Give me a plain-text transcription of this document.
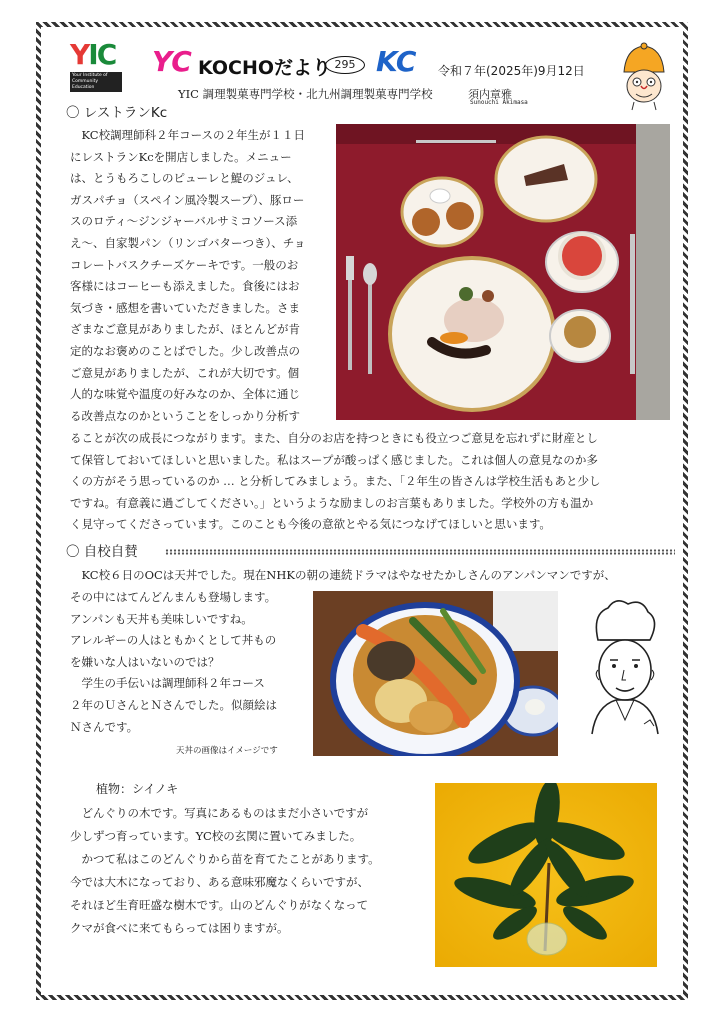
YIC
Your Institute of Community Education
YC KOCHOだより 295 KC 令和７年(2025年)9月12日
YIC 調理製菓専門学校・北九州調理製菓専門学校	須内章雅
Sunouchi Akimasa
〇 レストランKc
　KC校調理師科２年コースの２年生が１１日
にレストランKcを開店しました。メニュー
は、とうもろこしのピューレと鯷のジュレ、
ガスパチョ（スペイン風冷製スープ）、豚ロー
スのロティ～ジンジャーバルサミコソース添
え～、自家製パン（リンゴバターつき）、チョ
コレートバスクチーズケーキです。一般のお
客様にはコーヒーも添えました。食後にはお
気づき・感想を書いていただきました。さま
ざまなご意見がありましたが、ほとんどが肯
定的なお褒めのことばでした。少し改善点の
ご意見がありましたが、これが大切です。個
人的な味覚や温度の好みなのか、全体に通じ
る改善点なのかということをしっかり分析す
ることが次の成長につながります。また、自分のお店を持つときにも役立つご意見を忘れずに財産とし
て保管しておいてほしいと思いました。私はスープが酸っぱく感じました。これは個人の意見なのか多
くの方がそう思っているのか … と分析してみましょう。また、「２年生の皆さんは学校生活もあと少し
ですね。有意義に過ごしてください。」というような励ましのお言葉もありました。学校外の方も温か
く見守ってくださっています。このことも今後の意欲とやる気につなげてほしいと思います。
〇 自校自賛
　KC校６日のOCは天丼でした。現在NHKの朝の連続ドラマはやなせたかしさんのアンパンマンですが、
その中にはてんどんまんも登場します。
アンパンも天丼も美味しいですね。
アレルギーの人はともかくとして丼もの
を嫌いな人はいないのでは？
　学生の手伝いは調理師科２年コース
２年のＵさんとＮさんでした。似顔絵は
Ｎさんです。
天丼の画像はイメージです
植物：シイノキ
　どんぐりの木です。写真にあるものはまだ小さいですが
少しずつ育っています。YC校の玄関に置いてみました。
　かつて私はこのどんぐりから苗を育てたことがあります。
今では大木になっており、ある意味邪魔なくらいですが、
それほど生育旺盛な樹木です。山のどんぐりがなくなって
クマが食べに来てもらっては困りますが。
